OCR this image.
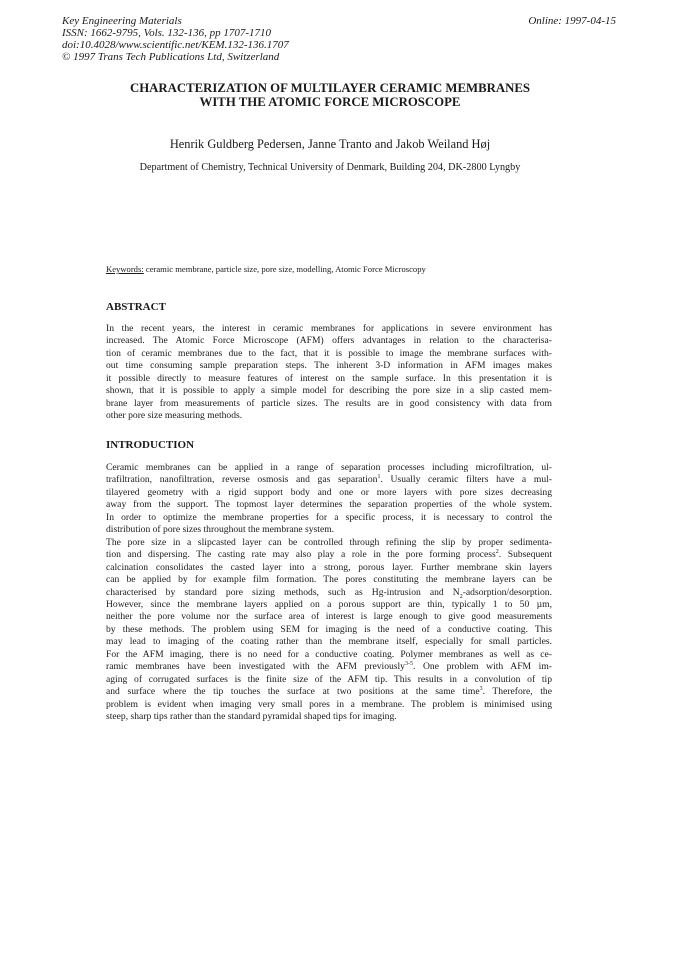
Key Engineering Materials
ISSN: 1662-9795, Vols. 132-136, pp 1707-1710
doi:10.4028/www.scientific.net/KEM.132-136.1707
© 1997 Trans Tech Publications Ltd, Switzerland
Online: 1997-04-15
CHARACTERIZATION OF MULTILAYER CERAMIC MEMBRANES
WITH THE ATOMIC FORCE MICROSCOPE
Henrik Guldberg Pedersen, Janne Tranto and Jakob Weiland Høj
Department of Chemistry, Technical University of Denmark, Building 204, DK-2800 Lyngby
Keywords: ceramic membrane, particle size, pore size, modelling, Atomic Force Microscopy
ABSTRACT
In the recent years, the interest in ceramic membranes for applications in severe environment has
increased. The Atomic Force Microscope (AFM) offers advantages in relation to the characterisa-
tion of ceramic membranes due to the fact, that it is possible to image the membrane surfaces with-
out time consuming sample preparation steps. The inherent 3-D information in AFM images makes
it possible directly to measure features of interest on the sample surface. In this presentation it is
shown, that it is possible to apply a simple model for describing the pore size in a slip casted mem-
brane layer from measurements of particle sizes. The results are in good consistency with data from
other pore size measuring methods.
INTRODUCTION
Ceramic membranes can be applied in a range of separation processes including microfiltration, ul-
trafiltration, nanofiltration, reverse osmosis and gas separation$^1$. Usually ceramic filters have a mul-
tilayered geometry with a rigid support body and one or more layers with pore sizes decreasing
away from the support. The topmost layer determines the separation properties of the whole system.
In order to optimize the membrane properties for a specific process, it is necessary to control the
distribution of pore sizes throughout the membrane system.
The pore size in a slipcasted layer can be controlled through refining the slip by proper sedimenta-
tion and dispersing. The casting rate may also play a role in the pore forming process$^2$. Subsequent
calcination consolidates the casted layer into a strong, porous layer. Further membrane skin layers
can be applied by for example film formation. The pores constituting the membrane layers can be
characterised by standard pore sizing methods, such as Hg-intrusion and $N_2-adsorption$/desorption.
However, since the membrane layers applied on a porous support are thin, typically 1 to 50 µm,
neither the pore volume nor the surface area of interest is large enough to give good measurements
by these methods. The problem using SEM for imaging is the need of a conductive coating. This
may lead to imaging of the coating rather than the membrane itself, especially for small particles.
For the AFM imaging, there is no need for a conductive coating. Polymer membranes as well as ce-
ramic membranes have been investigated with the AFM previously$^{3-5}$. One problem with AFM im-
aging of corrugated surfaces is the finite size of the AFM tip. This results in a convolution of tip
and surface where the tip touches the surface at two positions at the same time$^3$. Therefore, the
problem is evident when imaging very small pores in a membrane. The problem is minimised using
steep, sharp tips rather than the standard pyramidal shaped tips for imaging.
